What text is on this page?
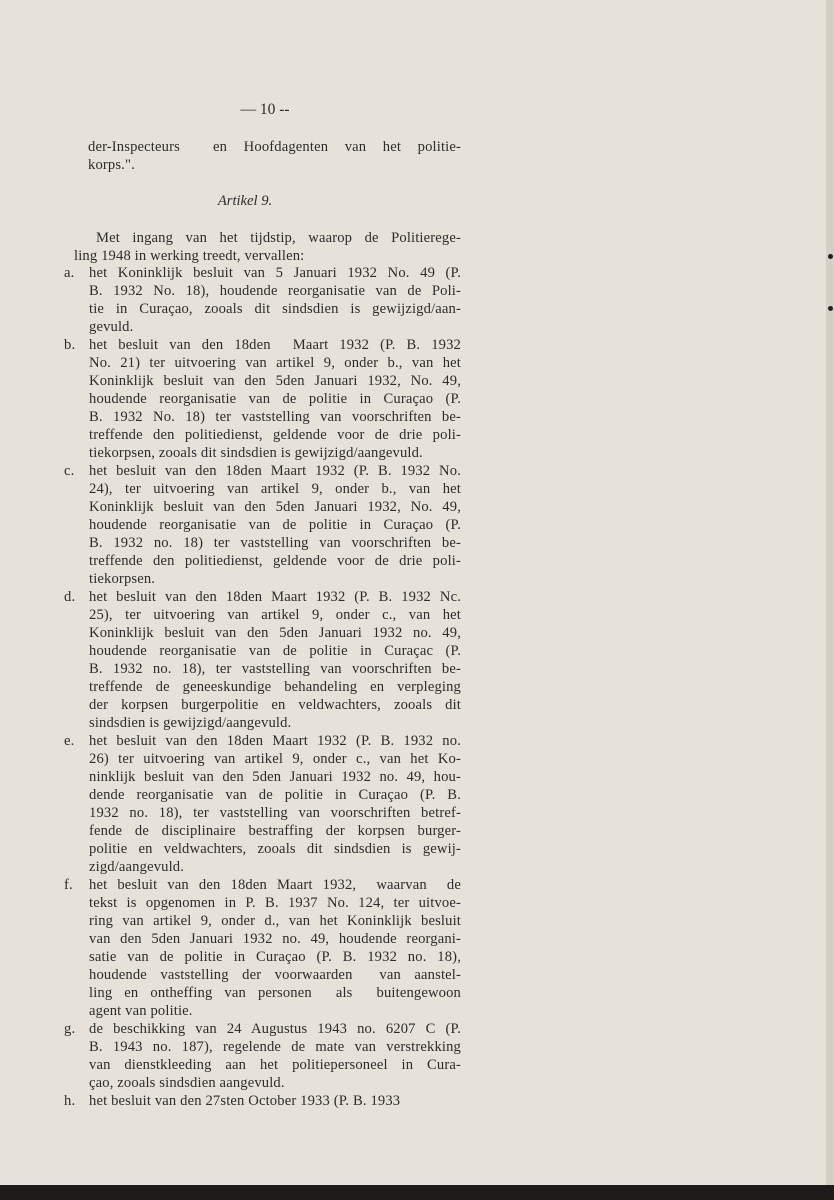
— 10 --
der-Inspecteurs  en Hoofdagenten van het politie-
korps.".
Artikel 9.
Met ingang van het tijdstip, waarop de Politierege-
ling 1948 in werking treedt, vervallen:
a. het Koninklijk besluit van 5 Januari 1932 No. 49 (P.
B. 1932 No. 18), houdende reorganisatie van de Poli-
tie in Curaçao, zooals dit sindsdien is gewijzigd/aan-
gevuld.
b. het besluit van den 18den  Maart 1932 (P. B. 1932
No. 21) ter uitvoering van artikel 9, onder b., van het
Koninklijk besluit van den 5den Januari 1932, No. 49,
houdende reorganisatie van de politie in Curaçao (P.
B. 1932 No. 18) ter vaststelling van voorschriften be-
treffende den politiedienst, geldende voor de drie poli-
tiekorpsen, zooals dit sindsdien is gewijzigd/aangevuld.
c. het besluit van den 18den Maart 1932 (P. B. 1932 No.
24), ter uitvoering van artikel 9, onder b., van het
Koninklijk besluit van den 5den Januari 1932, No. 49,
houdende reorganisatie van de politie in Curaçao (P.
B. 1932 no. 18) ter vaststelling van voorschriften be-
treffende den politiedienst, geldende voor de drie poli-
tiekorpsen.
d. het besluit van den 18den Maart 1932 (P. B. 1932 Nc.
25), ter uitvoering van artikel 9, onder c., van het
Koninklijk besluit van den 5den Januari 1932 no. 49,
houdende reorganisatie van de politie in Curaçac (P.
B. 1932 no. 18), ter vaststelling van voorschriften be-
treffende de geneeskundige behandeling en verpleging
der korpsen burgerpolitie en veldwachters, zooals dit
sindsdien is gewijzigd/aangevuld.
e. het besluit van den 18den Maart 1932 (P. B. 1932 no.
26) ter uitvoering van artikel 9, onder c., van het Ko-
ninklijk besluit van den 5den Januari 1932 no. 49, hou-
dende reorganisatie van de politie in Curaçao (P. B.
1932 no. 18), ter vaststelling van voorschriften betref-
fende de disciplinaire bestraffing der korpsen burger-
politie en veldwachters, zooals dit sindsdien is gewij-
zigd/aangevuld.
f. het besluit van den 18den Maart 1932,  waarvan  de
tekst is opgenomen in P. B. 1937 No. 124, ter uitvoe-
ring van artikel 9, onder d., van het Koninklijk besluit
van den 5den Januari 1932 no. 49, houdende reorgani-
satie van de politie in Curaçao (P. B. 1932 no. 18),
houdende vaststelling der voorwaarden  van aanstel-
ling en ontheffing van personen  als  buitengewoon
agent van politie.
g. de beschikking van 24 Augustus 1943 no. 6207 C (P.
B. 1943 no. 187), regelende de mate van verstrekking
van dienstkleeding aan het politiepersoneel in Cura-
çao, zooals sindsdien aangevuld.
h. het besluit van den 27sten October 1933 (P. B. 1933
